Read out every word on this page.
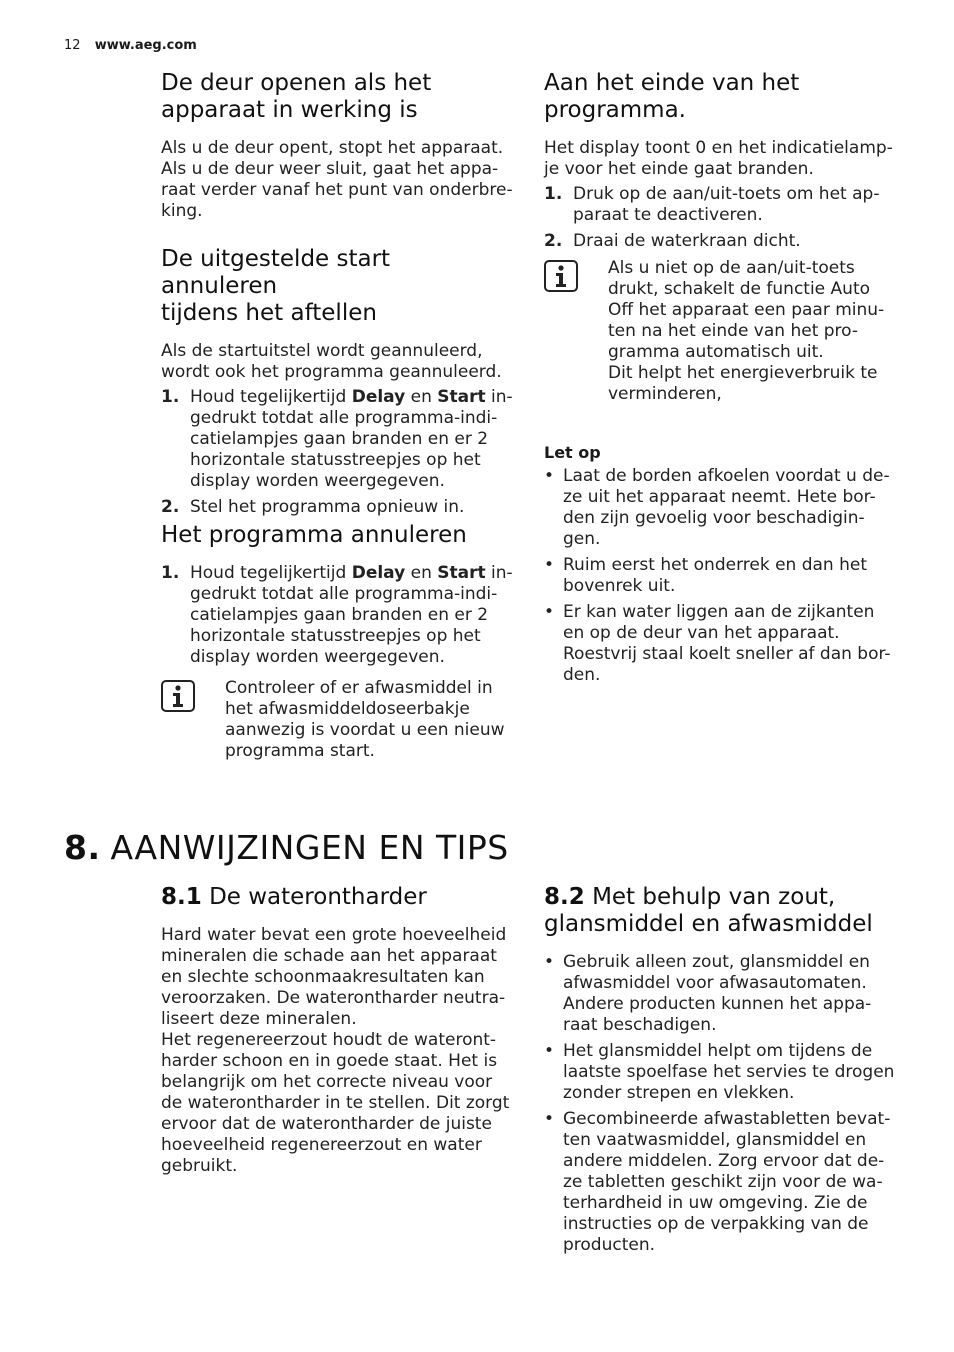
12 www.aeg.com
De deur openen als het
apparaat in werking is
Als u de deur opent, stopt het apparaat.
Als u de deur weer sluit, gaat het appa-
raat verder vanaf het punt van onderbre-
king.
De uitgestelde start annuleren
tijdens het aftellen
Als de startuitstel wordt geannuleerd,
wordt ook het programma geannuleerd.
1. Houd tegelijkertijd Delay en Start in-
gedrukt totdat alle programma-indi-
catielampjes gaan branden en er 2
horizontale statusstreepjes op het
display worden weergegeven.
2. Stel het programma opnieuw in.
Het programma annuleren
1. Houd tegelijkertijd Delay en Start in-
gedrukt totdat alle programma-indi-
catielampjes gaan branden en er 2
horizontale statusstreepjes op het
display worden weergegeven.
Controleer of er afwasmiddel in
het afwasmiddeldoseerbakje
aanwezig is voordat u een nieuw
programma start.
Aan het einde van het
programma.
Het display toont 0 en het indicatielamp-
je voor het einde gaat branden.
1. Druk op de aan/uit-toets om het ap-
paraat te deactiveren.
2. Draai de waterkraan dicht.
Als u niet op de aan/uit-toets
drukt, schakelt de functie Auto
Off het apparaat een paar minu-
ten na het einde van het pro-
gramma automatisch uit.
Dit helpt het energieverbruik te
verminderen,
Let op
• Laat de borden afkoelen voordat u de-
ze uit het apparaat neemt. Hete bor-
den zijn gevoelig voor beschadigin-
gen.
• Ruim eerst het onderrek en dan het
bovenrek uit.
• Er kan water liggen aan de zijkanten
en op de deur van het apparaat.
Roestvrij staal koelt sneller af dan bor-
den.
8. AANWIJZINGEN EN TIPS
8.1 De waterontharder
Hard water bevat een grote hoeveelheid
mineralen die schade aan het apparaat
en slechte schoonmaakresultaten kan
veroorzaken. De waterontharder neutra-
liseert deze mineralen.
Het regenereerzout houdt de wateront-
harder schoon en in goede staat. Het is
belangrijk om het correcte niveau voor
de waterontharder in te stellen. Dit zorgt
ervoor dat de waterontharder de juiste
hoeveelheid regenereerzout en water
gebruikt.
8.2 Met behulp van zout,
glansmiddel en afwasmiddel
• Gebruik alleen zout, glansmiddel en
afwasmiddel voor afwasautomaten.
Andere producten kunnen het appa-
raat beschadigen.
• Het glansmiddel helpt om tijdens de
laatste spoelfase het servies te drogen
zonder strepen en vlekken.
• Gecombineerde afwastabletten bevat-
ten vaatwasmiddel, glansmiddel en
andere middelen. Zorg ervoor dat de-
ze tabletten geschikt zijn voor de wa-
terhardheid in uw omgeving. Zie de
instructies op de verpakking van de
producten.
